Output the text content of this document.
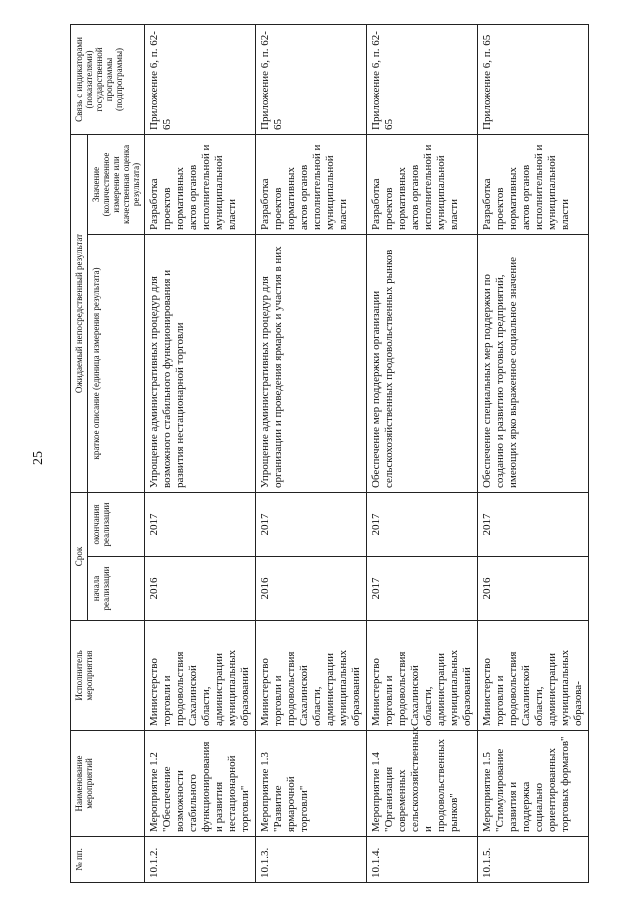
25
№ пп.	Наименование мероприятий	Исполнитель мероприятия	Срок		Ожидаемый непосредственный результат		Связь с индикаторами (показателями) государственной программы (подпрограммы)
			начала реализации	окончания реализации	краткое описание (единица измерения результата)	Значение (количественное измерение или качественная оценка результата)	
10.1.2.	Мероприятие 1.2 "Обеспечение возможности стабильного функционирования и развития нестационарной торговли"	Министерство торговли и продовольствия Сахалинской области, администрации муниципальных образований	2016	2017	Упрощение административных процедур для возможного стабильного функционирования и развития нестационарной торговли	Разработка проектов нормативных актов органов исполнительной и муниципальной власти	Приложение 6, п. 62-65
10.1.3.	Мероприятие 1.3 "Развитие ярмарочной торговли"	Министерство торговли и продовольствия Сахалинской области, администрации муниципальных образований	2016	2017	Упрощение административных процедур для организации и проведения ярмарок и участия в них	Разработка проектов нормативных актов органов исполнительной и муниципальной власти	Приложение 6, п. 62-65
10.1.4.	Мероприятие 1.4 "Организация современных сельскохозяйственных и продовольственных рынков"	Министерство торговли и продовольствия Сахалинской области, администрации муниципальных образований	2017	2017	Обеспечение мер поддержки организации сельскохозяйственных продовольственных рынков	Разработка проектов нормативных актов органов исполнительной и муниципальной власти	Приложение 6, п. 62-65
10.1.5.	Мероприятие 1.5 "Стимулирование развития и поддержка социально ориентированных торговых форматов"	Министерство торговли и продовольствия Сахалинской области, администрации муниципальных образова-	2016	2017	Обеспечение специальных мер поддержки по созданию и развитию торговых предприятий, имеющих ярко выраженное социальное значение	Разработка проектов нормативных актов органов исполнительной и муниципальной власти	Приложение 6, п. 65
